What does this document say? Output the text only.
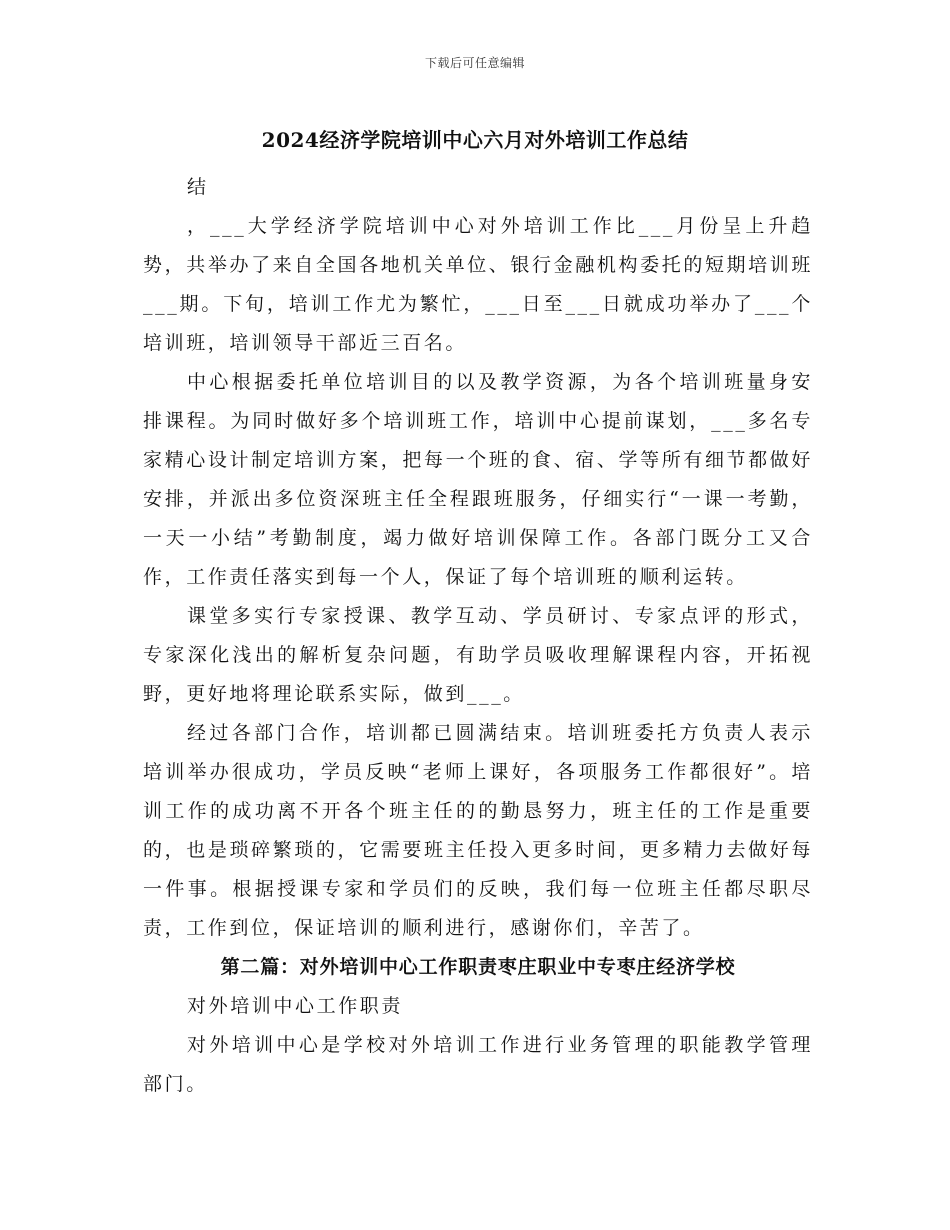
下载后可任意编辑
2024经济学院培训中心六月对外培训工作总结

结

，___大学经济学院培训中心对外培训工作比___月份呈上升趋势，共举办了来自全国各地机关单位、银行金融机构委托的短期培训班___期。下旬，培训工作尤为繁忙，___日至___日就成功举办了___个培训班，培训领导干部近三百名。

中心根据委托单位培训目的以及教学资源，为各个培训班量身安排课程。为同时做好多个培训班工作，培训中心提前谋划，___多名专家精心设计制定培训方案，把每一个班的食、宿、学等所有细节都做好安排，并派出多位资深班主任全程跟班服务，仔细实行“一课一考勤，一天一小结”考勤制度，竭力做好培训保障工作。各部门既分工又合作，工作责任落实到每一个人，保证了每个培训班的顺利运转。

课堂多实行专家授课、教学互动、学员研讨、专家点评的形式，专家深化浅出的解析复杂问题，有助学员吸收理解课程内容，开拓视野，更好地将理论联系实际，做到___。

经过各部门合作，培训都已圆满结束。培训班委托方负责人表示培训举办很成功，学员反映“老师上课好，各项服务工作都很好”。培训工作的成功离不开各个班主任的的勤恳努力，班主任的工作是重要的，也是琐碎繁琐的，它需要班主任投入更多时间，更多精力去做好每一件事。根据授课专家和学员们的反映，我们每一位班主任都尽职尽责，工作到位，保证培训的顺利进行，感谢你们，辛苦了。

第二篇：对外培训中心工作职责枣庄职业中专枣庄经济学校

对外培训中心工作职责

对外培训中心是学校对外培训工作进行业务管理的职能教学管理部门。
